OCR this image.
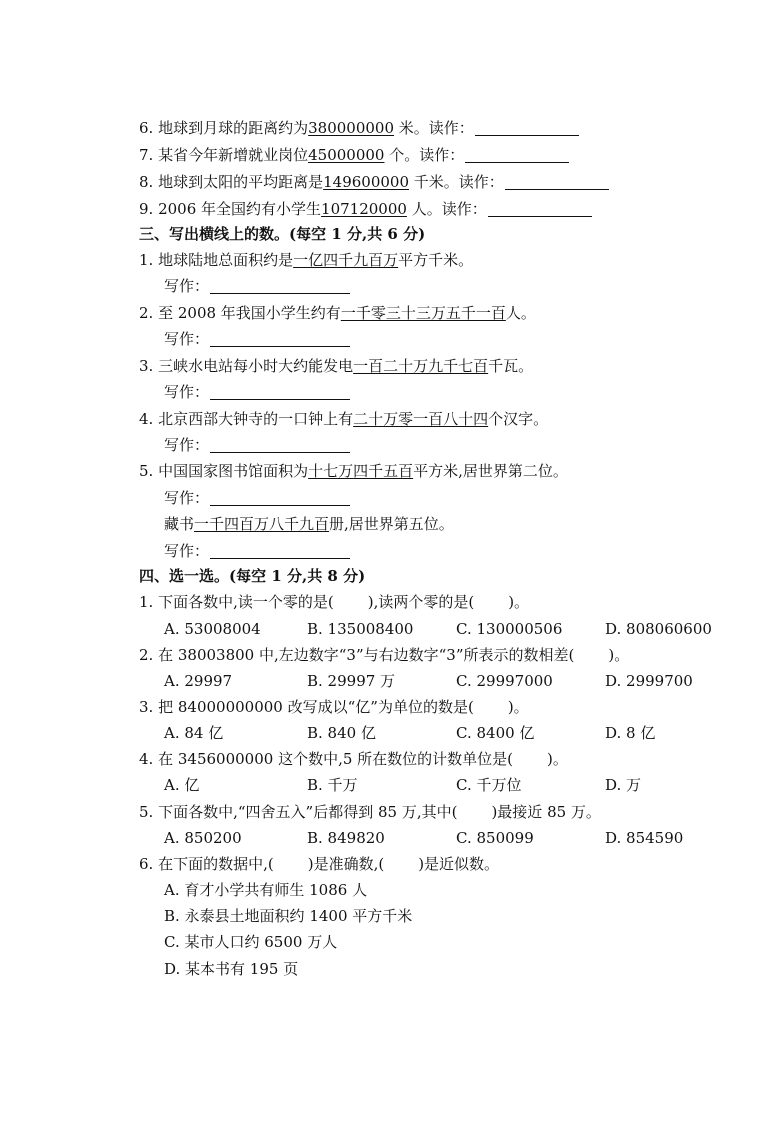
6. 地球到月球的距离约为380000000 米。读作：
7. 某省今年新增就业岗位45000000 个。读作：
8. 地球到太阳的平均距离是149600000 千米。读作：
9. 2006 年全国约有小学生107120000 人。读作：
三、写出横线上的数。(每空 1 分,共 6 分)
1. 地球陆地总面积约是一亿四千九百万平方千米。
写作：
2. 至 2008 年我国小学生约有一千零三十三万五千一百人。
写作：
3. 三峡水电站每小时大约能发电一百二十万九千七百千瓦。
写作：
4. 北京西部大钟寺的一口钟上有二十万零一百八十四个汉字。
写作：
5. 中国国家图书馆面积为十七万四千五百平方米,居世界第二位。
写作：
藏书一千四百万八千九百册,居世界第五位。
写作：
四、选一选。(每空 1 分,共 8 分)
1. 下面各数中,读一个零的是( ),读两个零的是( )。
A. 53008004	B. 135008400	C. 130000506	D. 808060600
2. 在 38003800 中,左边数字“3”与右边数字“3”所表示的数相差( )。
A. 29997	B. 29997 万	C. 29997000	D. 2999700
3. 把 84000000000 改写成以“亿”为单位的数是( )。
A. 84 亿	B. 840 亿	C. 8400 亿	D. 8 亿
4. 在 3456000000 这个数中,5 所在数位的计数单位是( )。
A. 亿	B. 千万	C. 千万位	D. 万
5. 下面各数中,“四舍五入”后都得到 85 万,其中( )最接近 85 万。
A. 850200	B. 849820	C. 850099	D. 854590
6. 在下面的数据中,( )是准确数,( )是近似数。
A. 育才小学共有师生 1086 人
B. 永泰县土地面积约 1400 平方千米
C. 某市人口约 6500 万人
D. 某本书有 195 页
